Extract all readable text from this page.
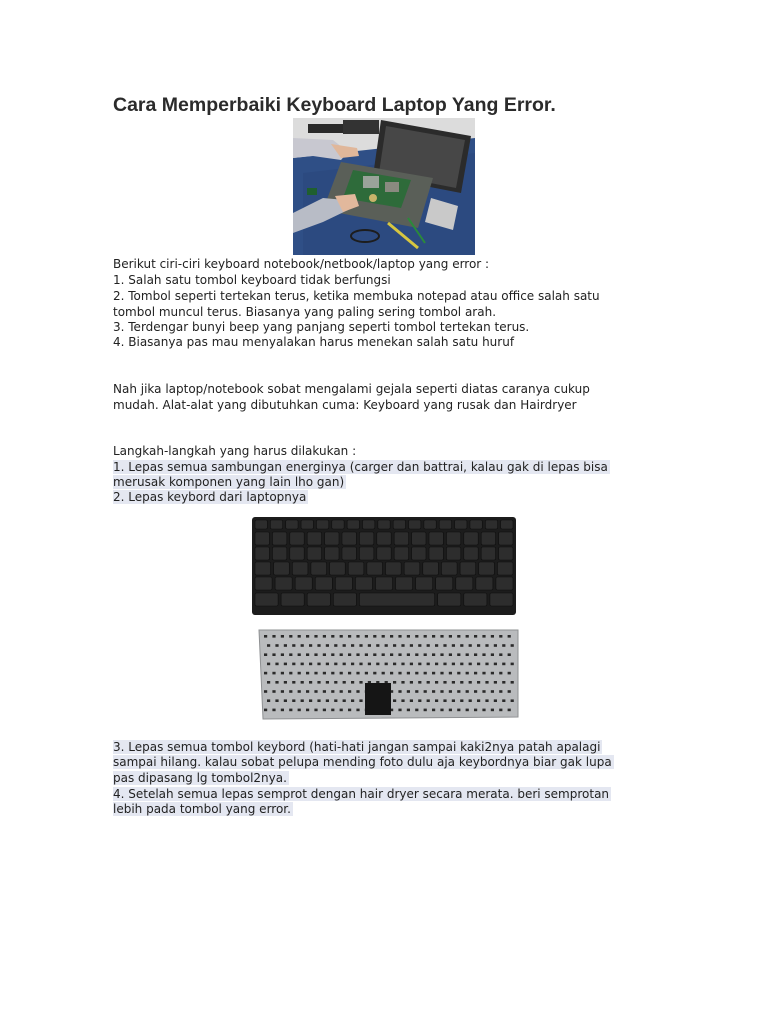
Cara Memperbaiki Keyboard Laptop Yang Error.

Berikut ciri-ciri keyboard notebook/netbook/laptop yang error :

1. Salah satu tombol keyboard tidak berfungsi

2. Tombol seperti tertekan terus, ketika membuka notepad atau office salah satu

tombol muncul terus. Biasanya yang paling sering tombol arah.

3. Terdengar bunyi beep yang panjang seperti tombol tertekan terus.

4. Biasanya pas mau menyalakan harus menekan salah satu huruf

Nah jika laptop/notebook sobat mengalami gejala seperti diatas caranya cukup

mudah. Alat-alat yang dibutuhkan cuma: Keyboard yang rusak dan Hairdryer

Langkah-langkah yang harus dilakukan :

1. Lepas semua sambungan energinya (carger dan battrai, kalau gak di lepas bisa

merusak komponen yang lain lho gan)

2. Lepas keybord dari laptopnya

3. Lepas semua tombol keybord (hati-hati jangan sampai kaki2nya patah apalagi

sampai hilang. kalau sobat pelupa mending foto dulu aja keybordnya biar gak lupa

pas dipasang lg tombol2nya.

4. Setelah semua lepas semprot dengan hair dryer secara merata. beri semprotan

lebih pada tombol yang error.
